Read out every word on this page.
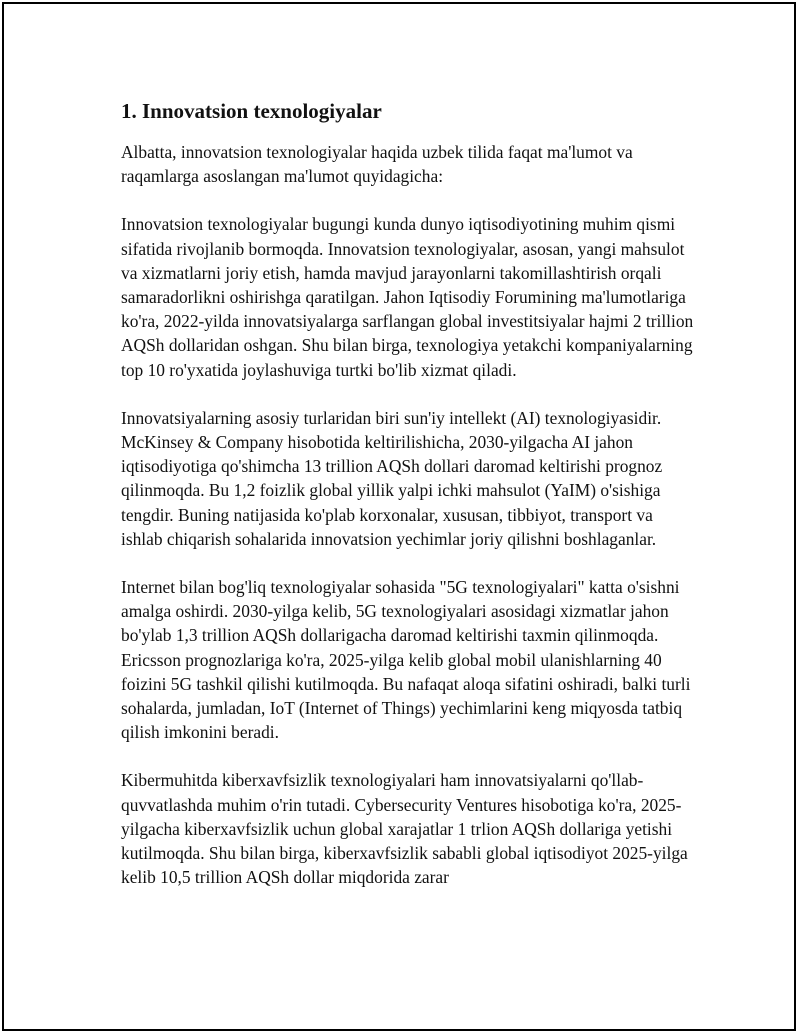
1. Innovatsion texnologiyalar

Albatta, innovatsion texnologiyalar haqida uzbek tilida faqat ma'lumot va raqamlarga asoslangan ma'lumot quyidagicha:

Innovatsion texnologiyalar bugungi kunda dunyo iqtisodiyotining muhim qismi sifatida rivojlanib bormoqda. Innovatsion texnologiyalar, asosan, yangi mahsulot va xizmatlarni joriy etish, hamda mavjud jarayonlarni takomillashtirish orqali samaradorlikni oshirishga qaratilgan. Jahon Iqtisodiy Forumining ma'lumotlariga ko'ra, 2022-yilda innovatsiyalarga sarflangan global investitsiyalar hajmi 2 trillion AQSh dollaridan oshgan. Shu bilan birga, texnologiya yetakchi kompaniyalarning top 10 ro'yxatida joylashuviga turtki bo'lib xizmat qiladi.

Innovatsiyalarning asosiy turlaridan biri sun'iy intellekt (AI) texnologiyasidir. McKinsey & Company hisobotida keltirilishicha, 2030-yilgacha AI jahon iqtisodiyotiga qo'shimcha 13 trillion AQSh dollari daromad keltirishi prognoz qilinmoqda. Bu 1,2 foizlik global yillik yalpi ichki mahsulot (YaIM) o'sishiga tengdir. Buning natijasida ko'plab korxonalar, xususan, tibbiyot, transport va ishlab chiqarish sohalarida innovatsion yechimlar joriy qilishni boshlaganlar.

Internet bilan bog'liq texnologiyalar sohasida "5G texnologiyalari" katta o'sishni amalga oshirdi. 2030-yilga kelib, 5G texnologiyalari asosidagi xizmatlar jahon bo'ylab 1,3 trillion AQSh dollarigacha daromad keltirishi taxmin qilinmoqda. Ericsson prognozlariga ko'ra, 2025-yilga kelib global mobil ulanishlarning 40 foizini 5G tashkil qilishi kutilmoqda. Bu nafaqat aloqa sifatini oshiradi, balki turli sohalarda, jumladan, IoT (Internet of Things) yechimlarini keng miqyosda tatbiq qilish imkonini beradi.

Kibermuhitda kiberxavfsizlik texnologiyalari ham innovatsiyalarni qo'llab-quvvatlashda muhim o'rin tutadi. Cybersecurity Ventures hisobotiga ko'ra, 2025-yilgacha kiberxavfsizlik uchun global xarajatlar 1 trlion AQSh dollariga yetishi kutilmoqda. Shu bilan birga, kiberxavfsizlik sababli global iqtisodiyot 2025-yilga kelib 10,5 trillion AQSh dollar miqdorida zarar
